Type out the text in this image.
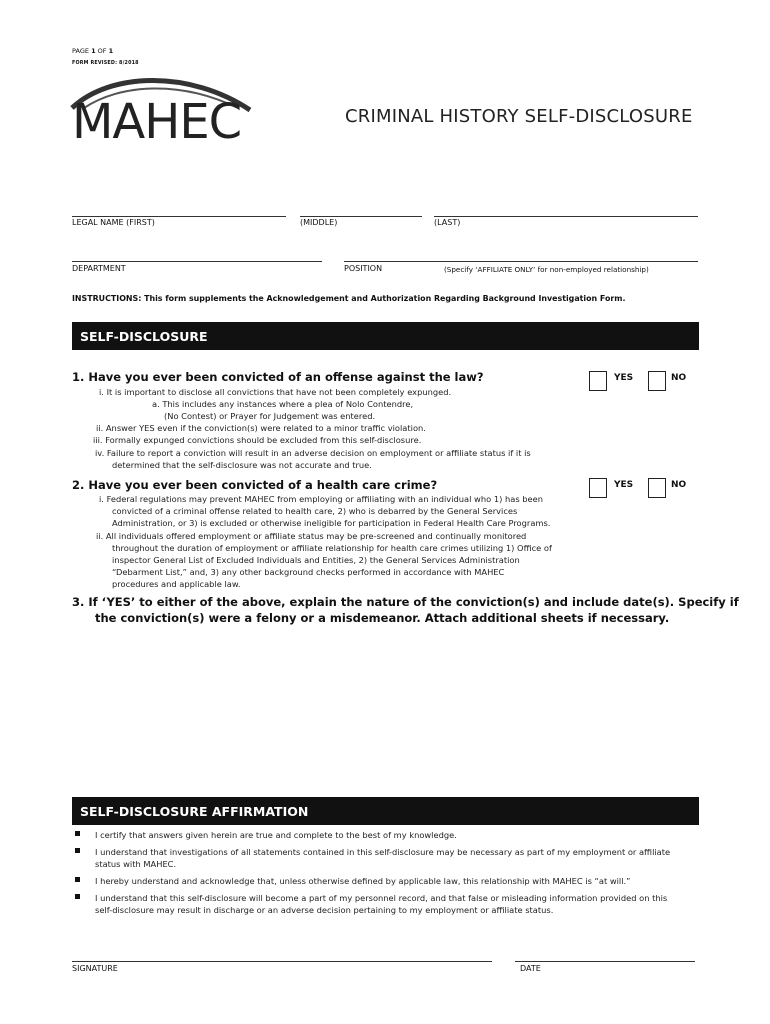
PAGE 1 OF 1
FORM REVISED: 8/2018
MAHEC	CRIMINAL HISTORY SELF-DISCLOSURE
LEGAL NAME (FIRST)	(MIDDLE)	(LAST)
DEPARTMENT	POSITION	(Specify ‘AFFILIATE ONLY’ for non-employed relationship)
INSTRUCTIONS: This form supplements the Acknowledgement and Authorization Regarding Background Investigation Form.
SELF-DISCLOSURE
1. Have you ever been convicted of an offense against the law?	YES	NO
i. It is important to disclose all convictions that have not been completely expunged.
a. This includes any instances where a plea of Nolo Contendre,
(No Contest) or Prayer for Judgement was entered.
ii. Answer YES even if the conviction(s) were related to a minor traffic violation.
iii. Formally expunged convictions should be excluded from this self-disclosure.
iv. Failure to report a conviction will result in an adverse decision on employment or affiliate status if it is
determined that the self-disclosure was not accurate and true.
2. Have you ever been convicted of a health care crime?	YES	NO
i. Federal regulations may prevent MAHEC from employing or affiliating with an individual who 1) has been
convicted of a criminal offense related to health care, 2) who is debarred by the General Services
Administration, or 3) is excluded or otherwise ineligible for participation in Federal Health Care Programs.
ii. All individuals offered employment or affiliate status may be pre-screened and continually monitored
throughout the duration of employment or affiliate relationship for health care crimes utilizing 1) Office of
inspector General List of Excluded Individuals and Entities, 2) the General Services Administration
“Debarment List,” and, 3) any other background checks performed in accordance with MAHEC
procedures and applicable law.
3. If ‘YES’ to either of the above, explain the nature of the conviction(s) and include date(s). Specify if
the conviction(s) were a felony or a misdemeanor. Attach additional sheets if necessary.
SELF-DISCLOSURE AFFIRMATION
I certify that answers given herein are true and complete to the best of my knowledge.
I understand that investigations of all statements contained in this self-disclosure may be necessary as part of my employment or affiliate
status with MAHEC.
I hereby understand and acknowledge that, unless otherwise defined by applicable law, this relationship with MAHEC is “at will.”
I understand that this self-disclosure will become a part of my personnel record, and that false or misleading information provided on this
self-disclosure may result in discharge or an adverse decision pertaining to my employment or affiliate status.
SIGNATURE	DATE
